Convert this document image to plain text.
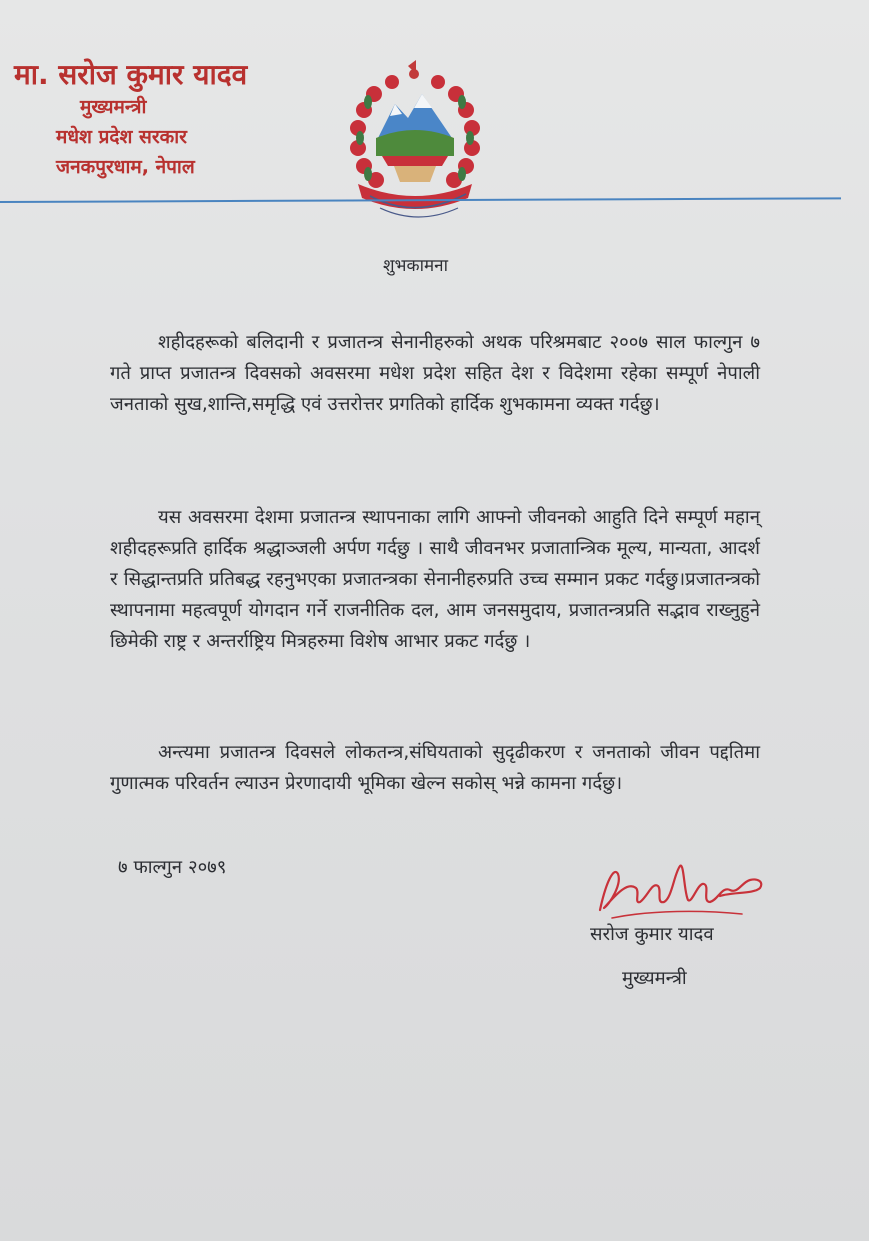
मा. सरोज कुमार यादव

मुख्यमन्त्री

मधेश प्रदेश सरकार

जनकपुरधाम, नेपाल

शुभकामना

शहीदहरूको बलिदानी र प्रजातन्त्र सेनानीहरुको अथक परिश्रमबाट २००७ साल फाल्गुन ७ गते प्राप्त प्रजातन्त्र दिवसको अवसरमा मधेश प्रदेश सहित देश र विदेशमा रहेका सम्पूर्ण नेपाली जनताको सुख,शान्ति,समृद्धि एवं उत्तरोत्तर प्रगतिको हार्दिक शुभकामना व्यक्त गर्दछु।

यस अवसरमा देशमा प्रजातन्त्र स्थापनाका लागि आफ्नो जीवनको आहुति दिने सम्पूर्ण महान् शहीदहरूप्रति हार्दिक श्रद्धाञ्जली अर्पण गर्दछु । साथै जीवनभर प्रजातान्त्रिक मूल्य, मान्यता, आदर्श र सिद्धान्तप्रति प्रतिबद्ध रहनुभएका प्रजातन्त्रका सेनानीहरुप्रति उच्च सम्मान प्रकट गर्दछु।प्रजातन्त्रको स्थापनामा महत्वपूर्ण योगदान गर्ने राजनीतिक दल, आम जनसमुदाय, प्रजातन्त्रप्रति सद्भाव राख्नुहुने छिमेकी राष्ट्र र अन्तर्राष्ट्रिय मित्रहरुमा विशेष आभार प्रकट गर्दछु ।

अन्त्यमा प्रजातन्त्र दिवसले लोकतन्त्र,संघियताको सुदृढीकरण र जनताको जीवन पद्दतिमा गुणात्मक परिवर्तन ल्याउन प्रेरणादायी भूमिका खेल्न सकोस् भन्ने कामना गर्दछु।

७ फाल्गुन २०७९

सरोज कुमार यादव

मुख्यमन्त्री
